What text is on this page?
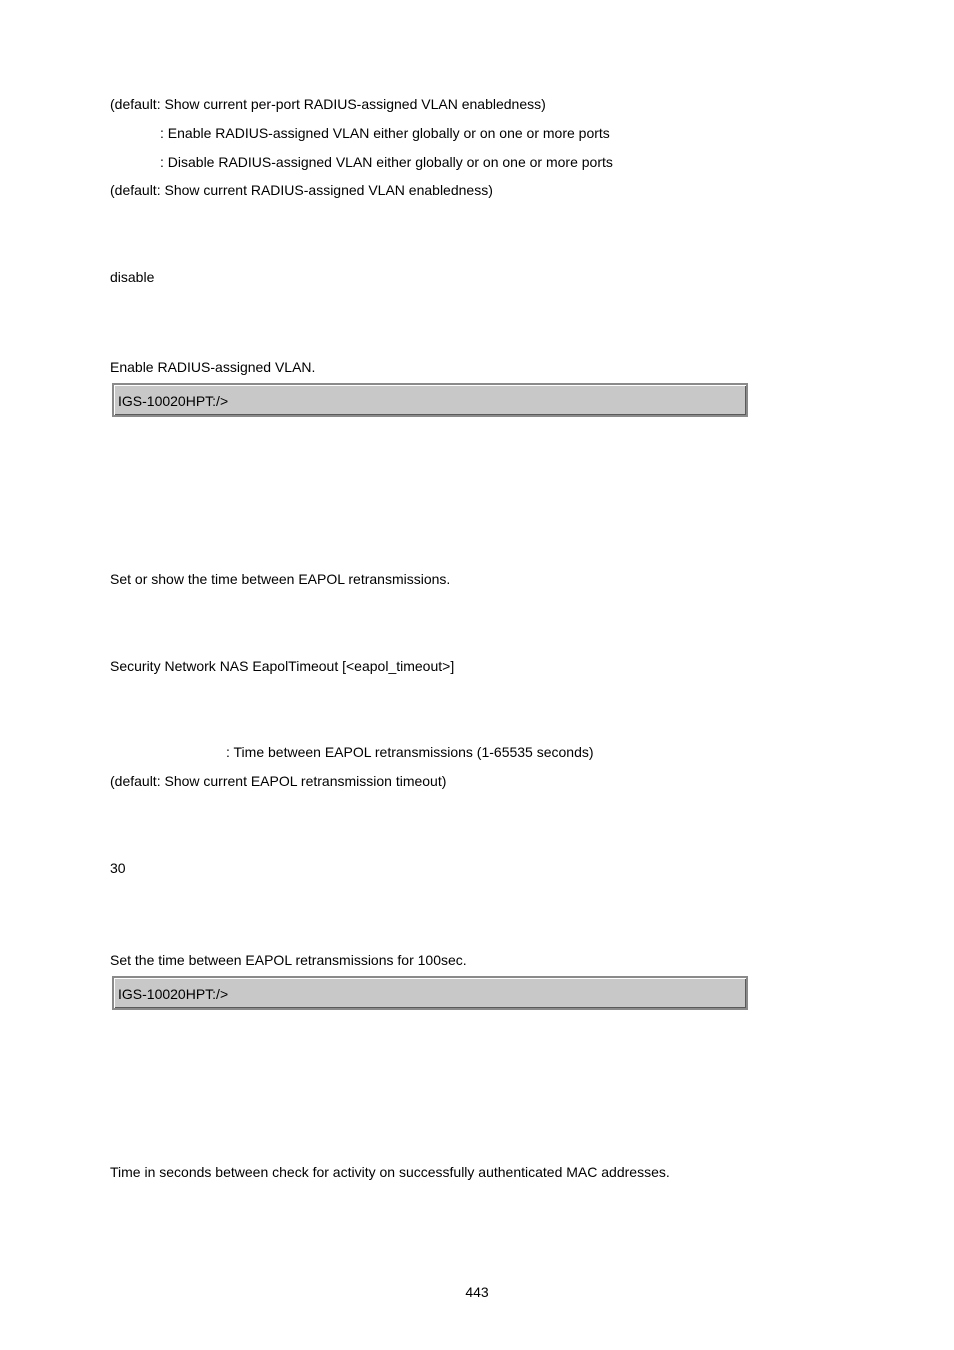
(default: Show current per-port RADIUS-assigned VLAN enabledness)
: Enable RADIUS-assigned VLAN either globally or on one or more ports
: Disable RADIUS-assigned VLAN either globally or on one or more ports
(default: Show current RADIUS-assigned VLAN enabledness)
disable
Enable RADIUS-assigned VLAN.
IGS-10020HPT:/>
Set or show the time between EAPOL retransmissions.
Security Network NAS EapolTimeout [<eapol_timeout>]
: Time between EAPOL retransmissions (1-65535 seconds)
(default: Show current EAPOL retransmission timeout)
30
Set the time between EAPOL retransmissions for 100sec.
IGS-10020HPT:/>
Time in seconds between check for activity on successfully authenticated MAC addresses.
443
